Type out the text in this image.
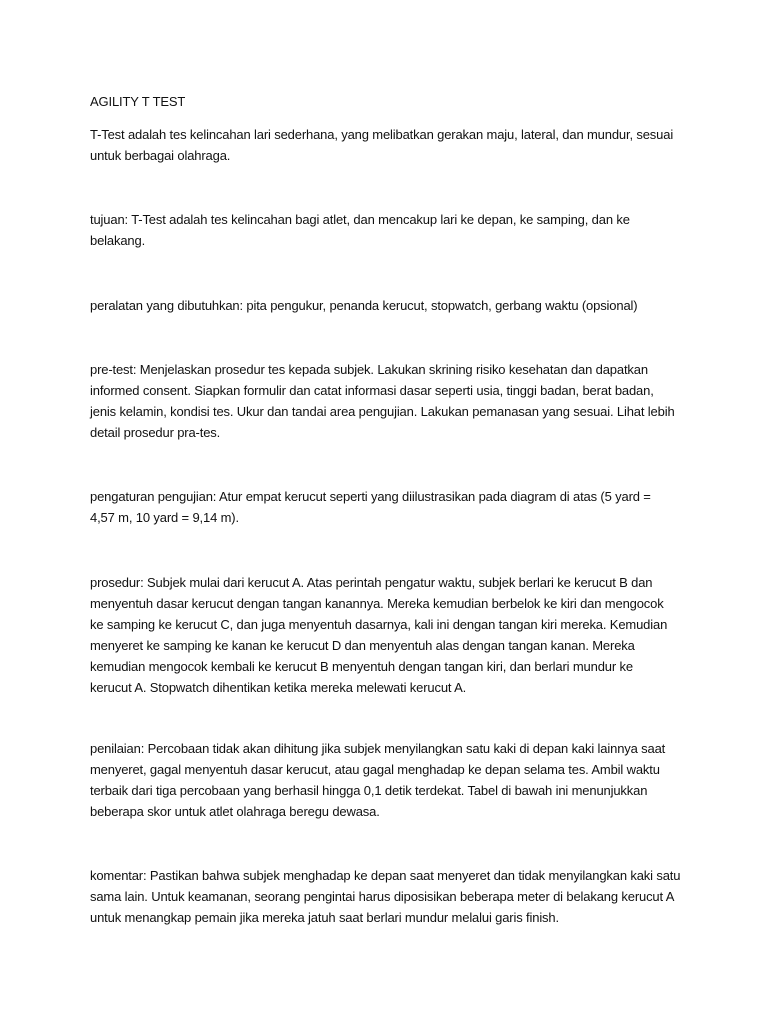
AGILITY T TEST
T-Test adalah tes kelincahan lari sederhana, yang melibatkan gerakan maju, lateral, dan mundur, sesuai
untuk berbagai olahraga.
tujuan: T-Test adalah tes kelincahan bagi atlet, dan mencakup lari ke depan, ke samping, dan ke
belakang.
peralatan yang dibutuhkan: pita pengukur, penanda kerucut, stopwatch, gerbang waktu (opsional)
pre-test: Menjelaskan prosedur tes kepada subjek. Lakukan skrining risiko kesehatan dan dapatkan
informed consent. Siapkan formulir dan catat informasi dasar seperti usia, tinggi badan, berat badan,
jenis kelamin, kondisi tes. Ukur dan tandai area pengujian. Lakukan pemanasan yang sesuai. Lihat lebih
detail prosedur pra-tes.
pengaturan pengujian: Atur empat kerucut seperti yang diilustrasikan pada diagram di atas (5 yard =
4,57 m, 10 yard = 9,14 m).
prosedur: Subjek mulai dari kerucut A. Atas perintah pengatur waktu, subjek berlari ke kerucut B dan
menyentuh dasar kerucut dengan tangan kanannya. Mereka kemudian berbelok ke kiri dan mengocok
ke samping ke kerucut C, dan juga menyentuh dasarnya, kali ini dengan tangan kiri mereka. Kemudian
menyeret ke samping ke kanan ke kerucut D dan menyentuh alas dengan tangan kanan. Mereka
kemudian mengocok kembali ke kerucut B menyentuh dengan tangan kiri, dan berlari mundur ke
kerucut A. Stopwatch dihentikan ketika mereka melewati kerucut A.
penilaian: Percobaan tidak akan dihitung jika subjek menyilangkan satu kaki di depan kaki lainnya saat
menyeret, gagal menyentuh dasar kerucut, atau gagal menghadap ke depan selama tes. Ambil waktu
terbaik dari tiga percobaan yang berhasil hingga 0,1 detik terdekat. Tabel di bawah ini menunjukkan
beberapa skor untuk atlet olahraga beregu dewasa.
komentar: Pastikan bahwa subjek menghadap ke depan saat menyeret dan tidak menyilangkan kaki satu
sama lain. Untuk keamanan, seorang pengintai harus diposisikan beberapa meter di belakang kerucut A
untuk menangkap pemain jika mereka jatuh saat berlari mundur melalui garis finish.
